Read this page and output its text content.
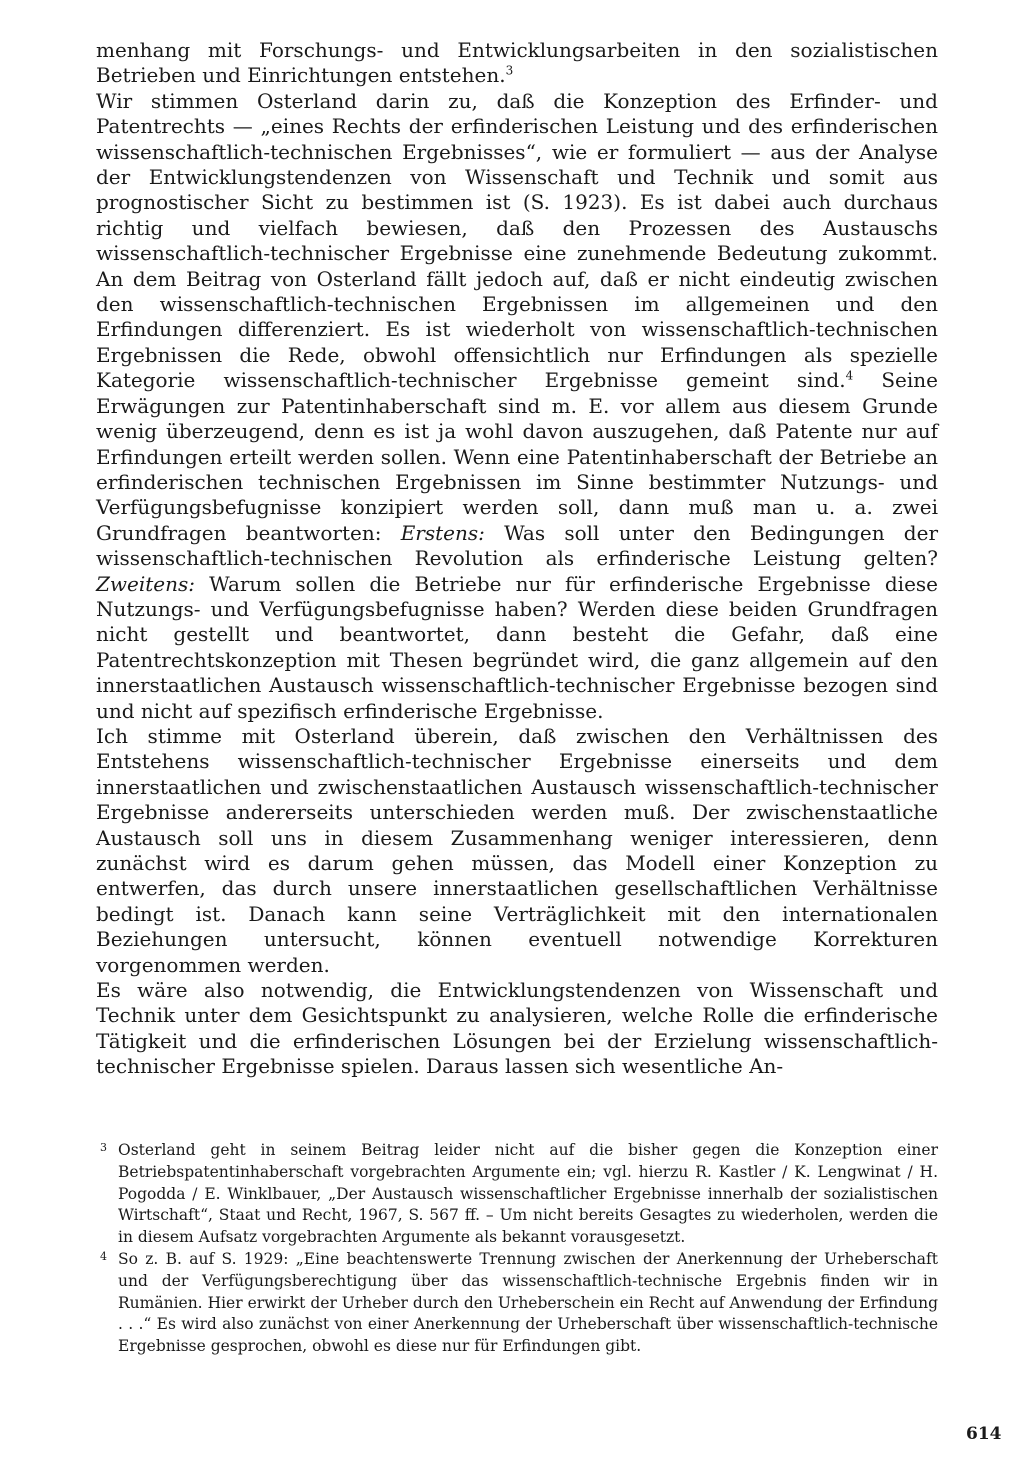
menhang mit Forschungs- und Entwicklungsarbeiten in den sozialistischen Betrieben und Einrichtungen entstehen.$^3$

Wir stimmen Osterland darin zu, daß die Konzeption des Erfinder- und Patentrechts — „eines Rechts der erfinderischen Leistung und des erfinderischen wissenschaftlich-technischen Ergebnisses“, wie er formuliert — aus der Analyse der Entwicklungstendenzen von Wissenschaft und Technik und somit aus prognostischer Sicht zu bestimmen ist (S. 1923). Es ist dabei auch durchaus richtig und vielfach bewiesen, daß den Prozessen des Austauschs wissenschaftlich-technischer Ergebnisse eine zunehmende Bedeutung zukommt. An dem Beitrag von Osterland fällt jedoch auf, daß er nicht eindeutig zwischen den wissenschaftlich-technischen Ergebnissen im allgemeinen und den Erfindungen differenziert. Es ist wiederholt von wissenschaftlich-technischen Ergebnissen die Rede, obwohl offensichtlich nur Erfindungen als spezielle Kategorie wissenschaftlich-technischer Ergebnisse gemeint sind.$^4$ Seine Erwägungen zur Patentinhaberschaft sind m. E. vor allem aus diesem Grunde wenig überzeugend, denn es ist ja wohl davon auszugehen, daß Patente nur auf Erfindungen erteilt werden sollen. Wenn eine Patentinhaberschaft der Betriebe an erfinderischen technischen Ergebnissen im Sinne bestimmter Nutzungs- und Verfügungsbefugnisse konzipiert werden soll, dann muß man u. a. zwei Grundfragen beantworten: Erstens: Was soll unter den Bedingungen der wissenschaftlich-technischen Revolution als erfinderische Leistung gelten? Zweitens: Warum sollen die Betriebe nur für erfinderische Ergebnisse diese Nutzungs- und Verfügungsbefugnisse haben? Werden diese beiden Grundfragen nicht gestellt und beantwortet, dann besteht die Gefahr, daß eine Patentrechtskonzeption mit Thesen begründet wird, die ganz allgemein auf den innerstaatlichen Austausch wissenschaftlich-technischer Ergebnisse bezogen sind und nicht auf spezifisch erfinderische Ergebnisse.

Ich stimme mit Osterland überein, daß zwischen den Verhältnissen des Entstehens wissenschaftlich-technischer Ergebnisse einerseits und dem innerstaatlichen und zwischenstaatlichen Austausch wissenschaftlich-technischer Ergebnisse andererseits unterschieden werden muß. Der zwischenstaatliche Austausch soll uns in diesem Zusammenhang weniger interessieren, denn zunächst wird es darum gehen müssen, das Modell einer Konzeption zu entwerfen, das durch unsere innerstaatlichen gesellschaftlichen Verhältnisse bedingt ist. Danach kann seine Verträglichkeit mit den internationalen Beziehungen untersucht, können eventuell notwendige Korrekturen vorgenommen werden.

Es wäre also notwendig, die Entwicklungstendenzen von Wissenschaft und Technik unter dem Gesichtspunkt zu analysieren, welche Rolle die erfinderische Tätigkeit und die erfinderischen Lösungen bei der Erzielung wissenschaftlich-technischer Ergebnisse spielen. Daraus lassen sich wesentliche An-

3 Osterland geht in seinem Beitrag leider nicht auf die bisher gegen die Konzeption einer Betriebspatentinhaberschaft vorgebrachten Argumente ein; vgl. hierzu R. Kastler / K. Lengwinat / H. Pogodda / E. Winklbauer, „Der Austausch wissenschaftlicher Ergebnisse innerhalb der sozialistischen Wirtschaft“, Staat und Recht, 1967, S. 567 ff. – Um nicht bereits Gesagtes zu wiederholen, werden die in diesem Aufsatz vorgebrachten Argumente als bekannt vorausgesetzt.

4 So z. B. auf S. 1929: „Eine beachtenswerte Trennung zwischen der Anerkennung der Urheberschaft und der Verfügungsberechtigung über das wissenschaftlich-technische Ergebnis finden wir in Rumänien. Hier erwirkt der Urheber durch den Urheberschein ein Recht auf Anwendung der Erfindung . . .“ Es wird also zunächst von einer Anerkennung der Urheberschaft über wissenschaftlich-technische Ergebnisse gesprochen, obwohl es diese nur für Erfindungen gibt.

614
